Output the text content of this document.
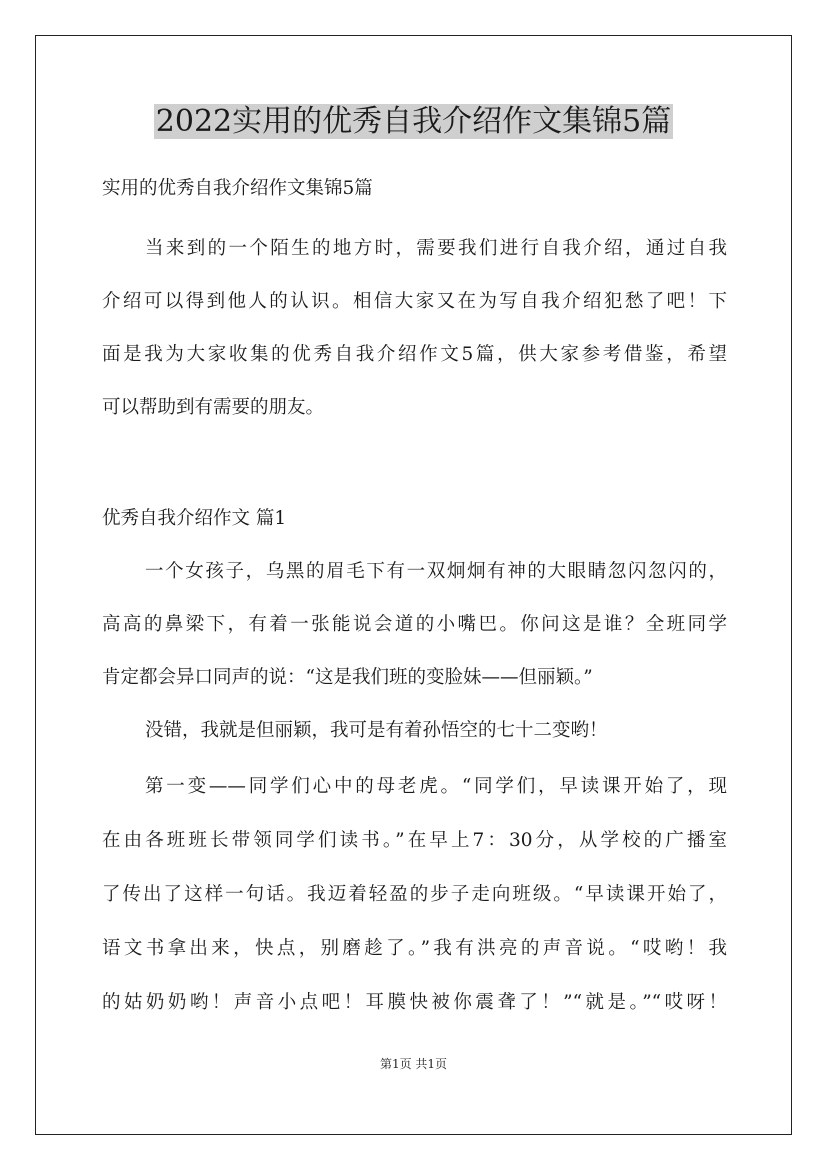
2022实用的优秀自我介绍作文集锦5篇
实用的优秀自我介绍作文集锦5篇
当来到的一个陌生的地方时，需要我们进行自我介绍，通过自我
介绍可以得到他人的认识。相信大家又在为写自我介绍犯愁了吧！下
面是我为大家收集的优秀自我介绍作文5篇，供大家参考借鉴，希望
可以帮助到有需要的朋友。
优秀自我介绍作文 篇1
一个女孩子，乌黑的眉毛下有一双炯炯有神的大眼睛忽闪忽闪的，
高高的鼻梁下，有着一张能说会道的小嘴巴。你问这是谁？全班同学
肯定都会异口同声的说：“这是我们班的变脸妹——但丽颖。”
没错，我就是但丽颖，我可是有着孙悟空的七十二变哟！
第一变——同学们心中的母老虎。“同学们，早读课开始了，现
在由各班班长带领同学们读书。”在早上7：30分，从学校的广播室
了传出了这样一句话。我迈着轻盈的步子走向班级。“早读课开始了，
语文书拿出来，快点，别磨趁了。”我有洪亮的声音说。“哎哟！我
的姑奶奶哟！声音小点吧！耳膜快被你震聋了！”“就是。”“哎呀！
第1页 共1页
